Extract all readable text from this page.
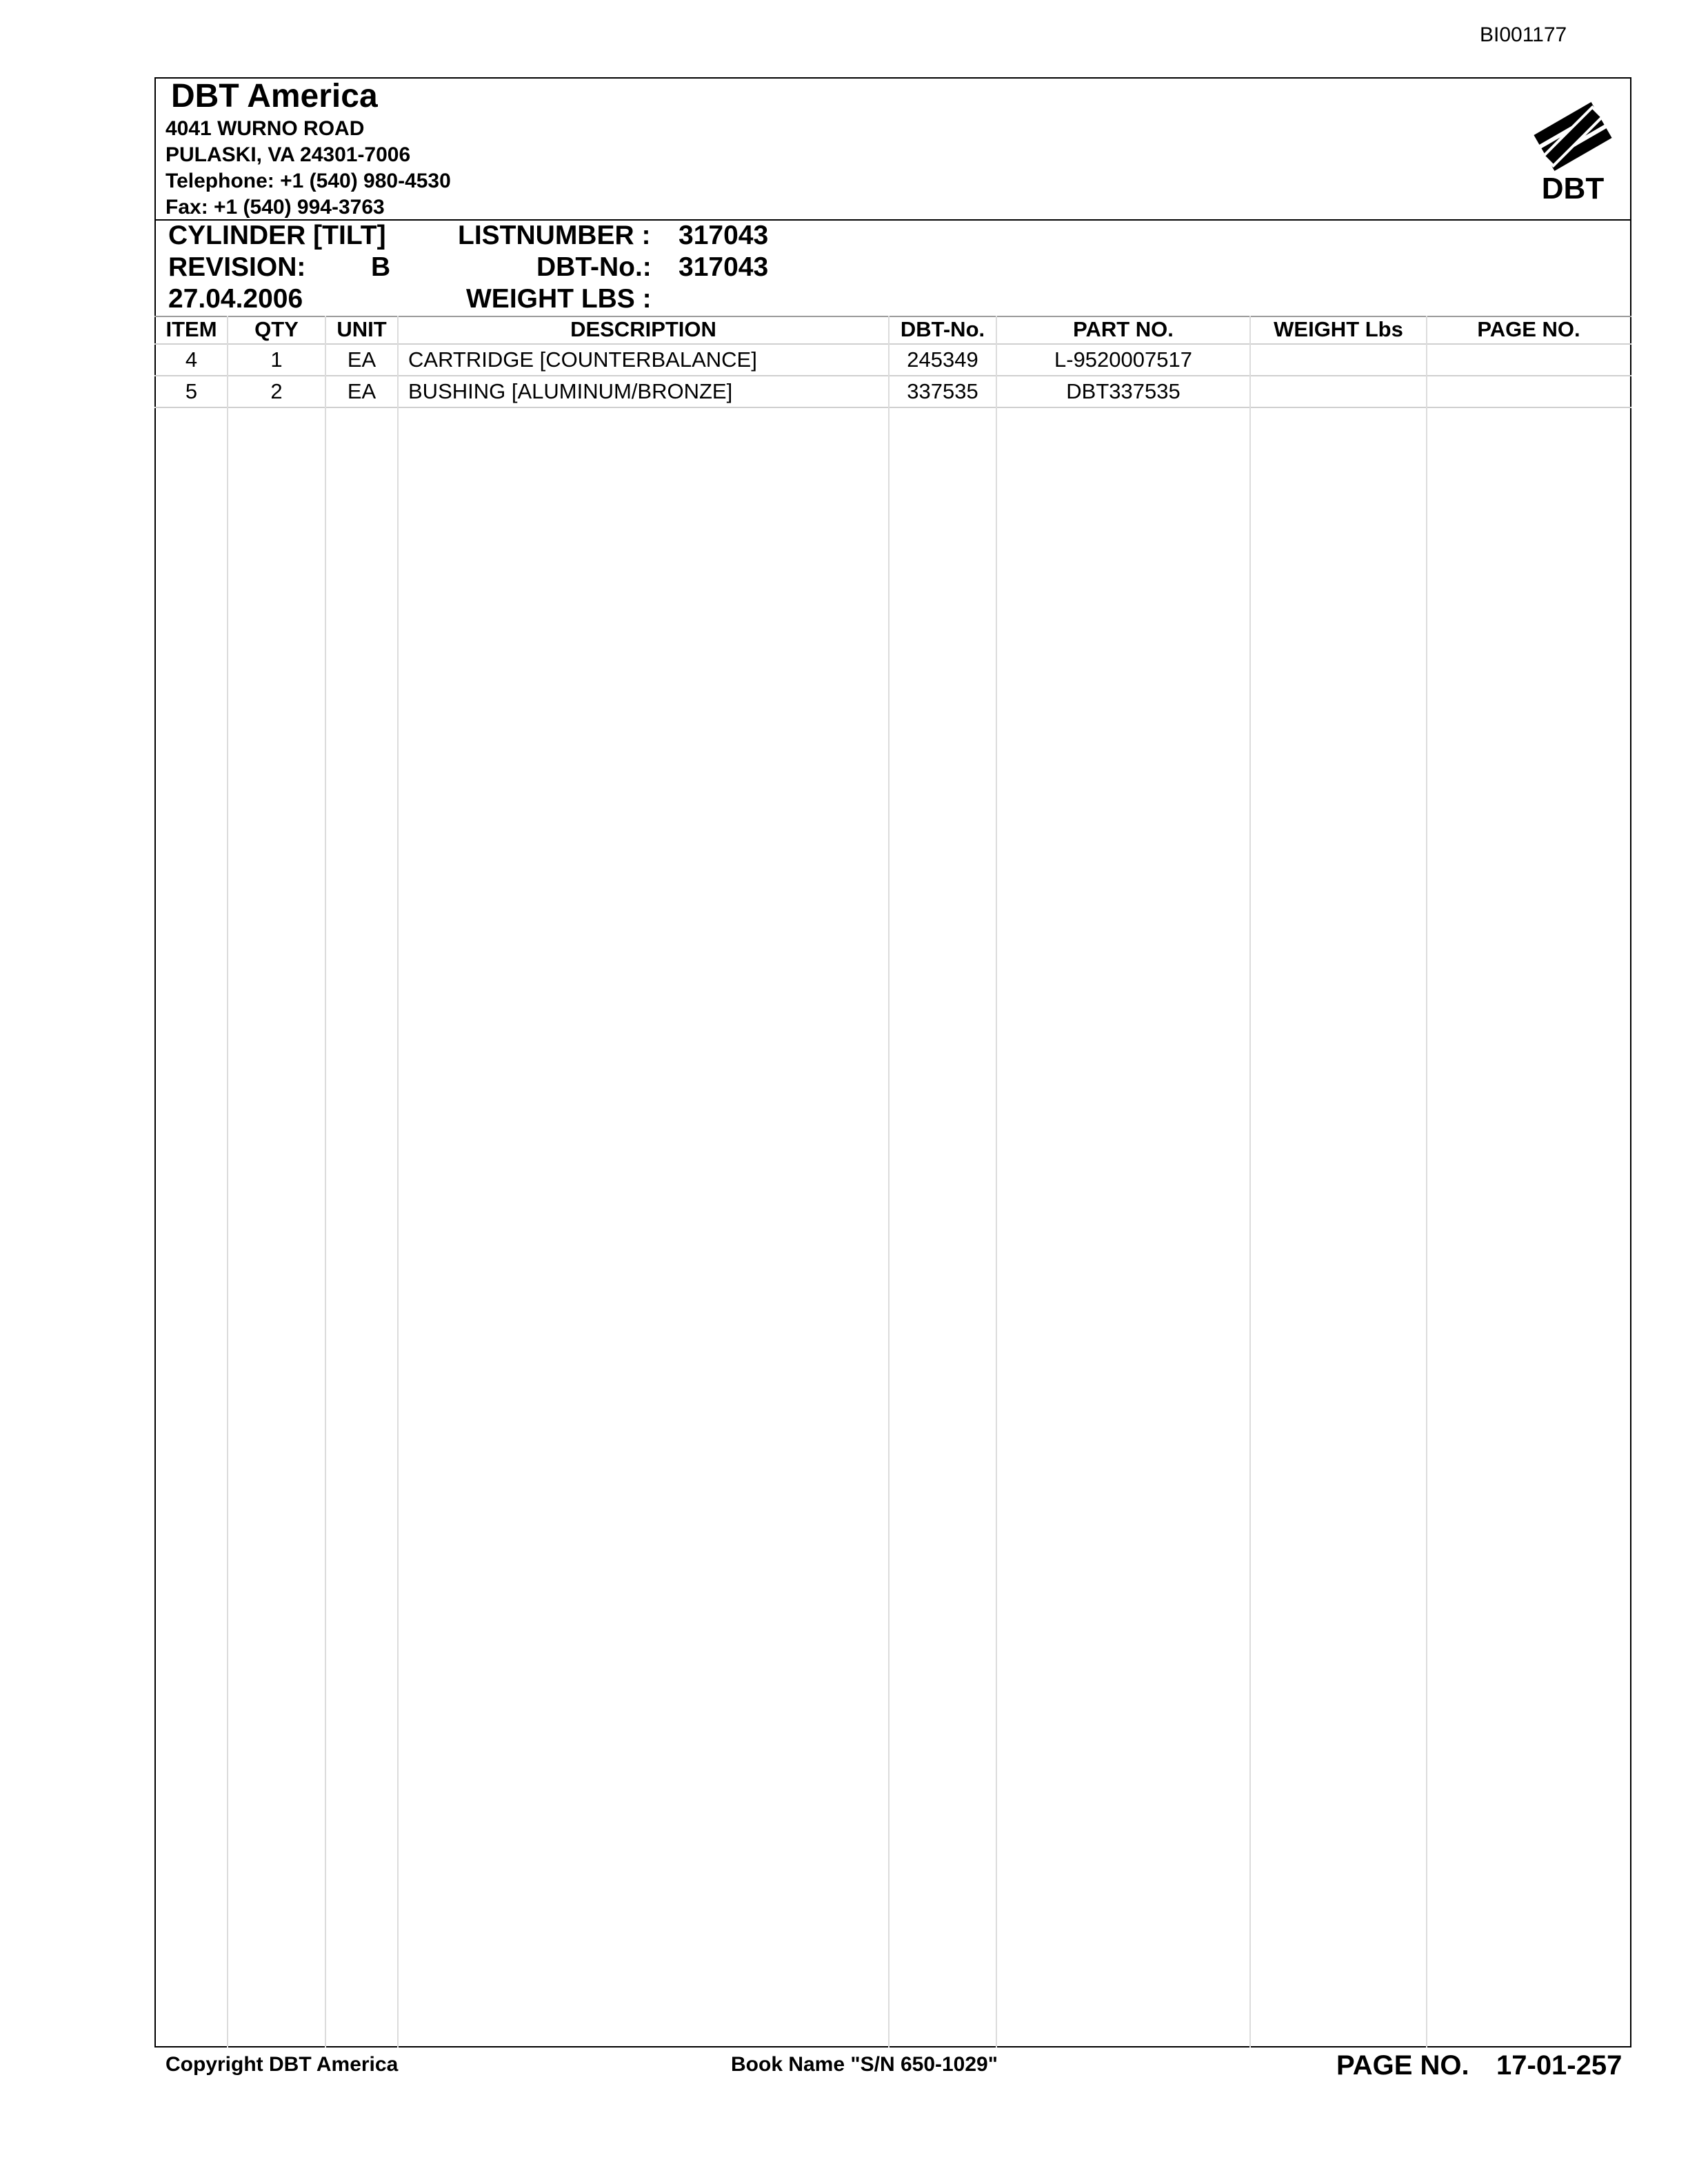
BI001177
DBT America
4041 WURNO ROAD
PULASKI, VA 24301-7006
Telephone: +1 (540) 980-4530
Fax: +1 (540) 994-3763
DBT
CYLINDER [TILT]	LISTNUMBER : 317043
REVISION: B	DBT-No.: 317043
27.04.2006	WEIGHT LBS :
ITEM	QTY	UNIT	DESCRIPTION	DBT-No.	PART NO.	WEIGHT Lbs	PAGE NO.
4	1	EA	CARTRIDGE [COUNTERBALANCE]	245349	L-9520007517
5	2	EA	BUSHING [ALUMINUM/BRONZE]	337535	DBT337535
Copyright DBT America	Book Name "S/N 650-1029"	PAGE NO. 17-01-257
